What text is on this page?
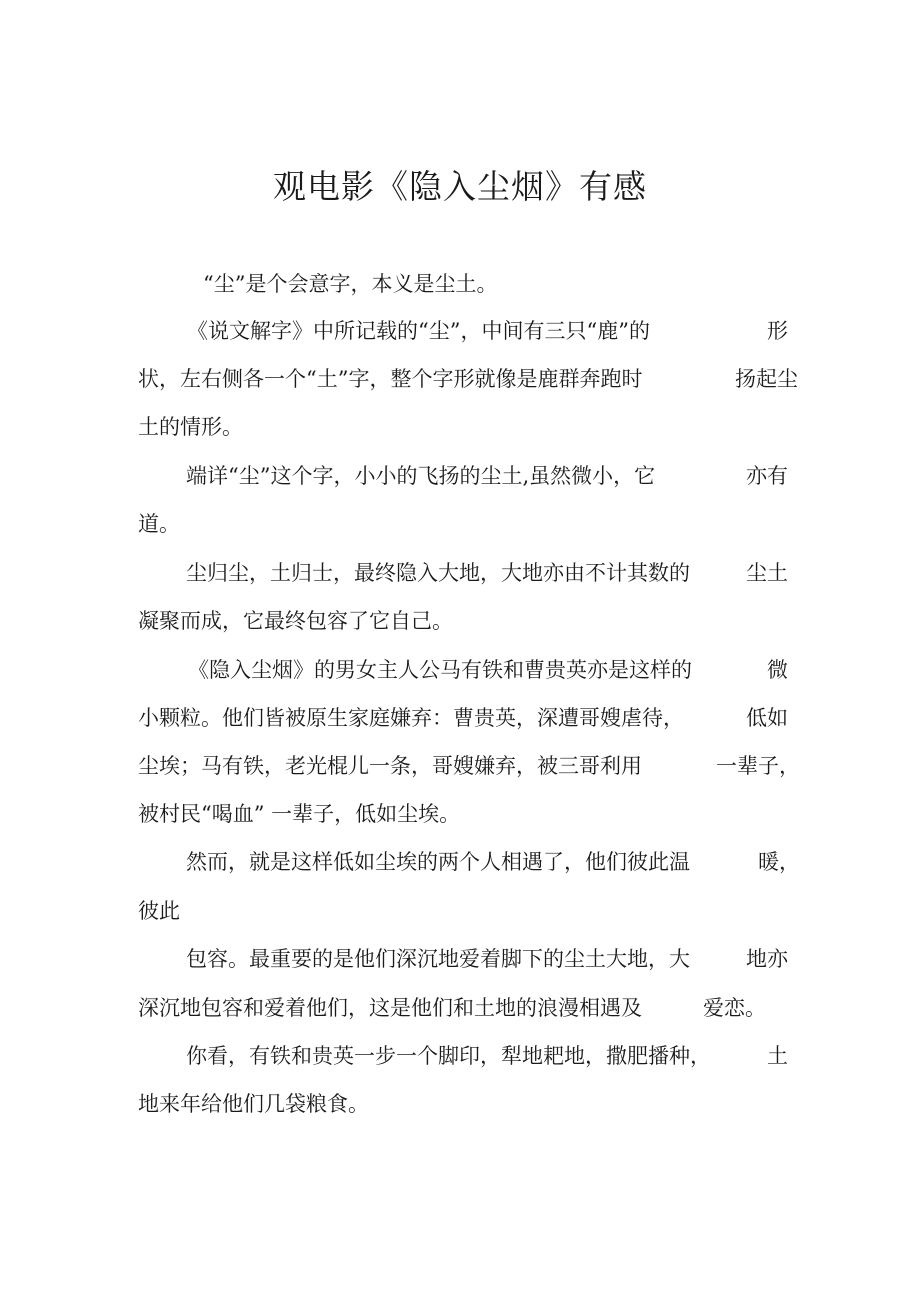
观电影《隐入尘烟》有感

“尘”是个会意字，本义是尘土。

《说文解字》中所记载的“尘”，中间有三只“鹿”的	形

状，左右侧各一个“土”字，整个字形就像是鹿群奔跑时	扬起尘

土的情形。

端详“尘”这个字，小小的飞扬的尘土,虽然微小，它	亦有

道。

尘归尘，土归士，最终隐入大地，大地亦由不计其数的	尘土

凝聚而成，它最终包容了它自己。

《隐入尘烟》的男女主人公马有铁和曹贵英亦是这样的	微

小颗粒。他们皆被原生家庭嫌弃：曹贵英，深遭哥嫂虐待，	低如

尘埃；马有铁，老光棍儿一条，哥嫂嫌弃，被三哥利用	一辈子，

被村民“喝血” 一辈子，低如尘埃。

然而，就是这样低如尘埃的两个人相遇了，他们彼此温	暖，

彼此

包容。最重要的是他们深沉地爱着脚下的尘土大地，大	地亦

深沉地包容和爱着他们，这是他们和土地的浪漫相遇及	爱恋。

你看，有铁和贵英一步一个脚印，犁地耙地，撒肥播种，	土

地来年给他们几袋粮食。
